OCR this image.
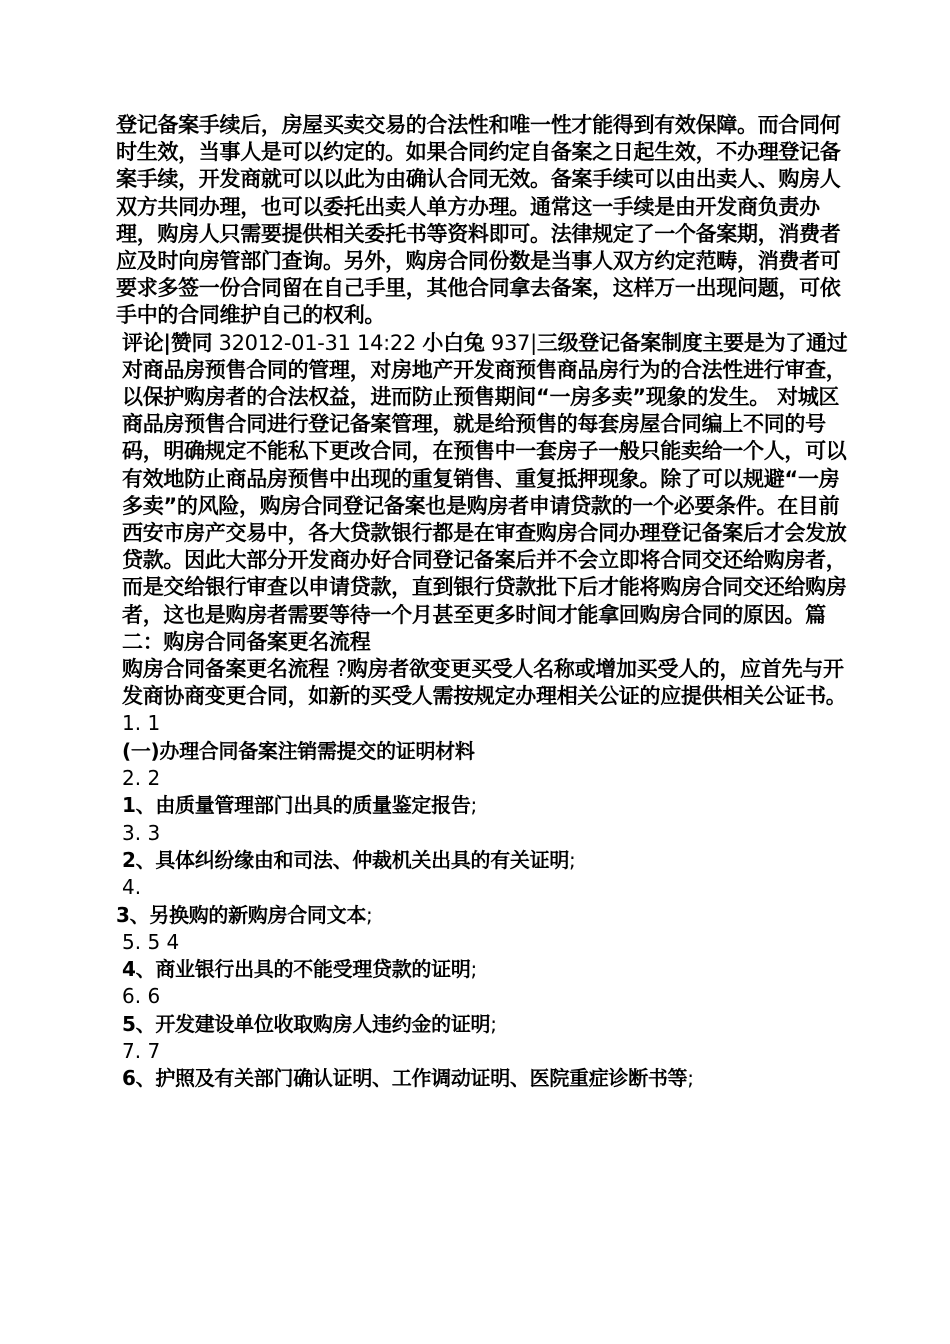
登记备案手续后，房屋买卖交易的合法性和唯一性才能得到有效保障。而合同何时生效，当事人是可以约定的。如果合同约定自备案之日起生效，不办理登记备案手续，开发商就可以以此为由确认合同无效。备案手续可以由出卖人、购房人双方共同办理，也可以委托出卖人单方办理。通常这一手续是由开发商负责办理，购房人只需要提供相关委托书等资料即可。法律规定了一个备案期，消费者应及时向房管部门查询。另外，购房合同份数是当事人双方约定范畴，消费者可要求多签一份合同留在自己手里，其他合同拿去备案，这样万一出现问题，可依手中的合同维护自己的权利。

评论|赞同 32012-01-31 14:22 小白兔 937|三级登记备案制度主要是为了通过对商品房预售合同的管理，对房地产开发商预售商品房行为的合法性进行审查，以保护购房者的合法权益，进而防止预售期间“一房多卖”现象的发生。 对城区商品房预售合同进行登记备案管理，就是给预售的每套房屋合同编上不同的号码，明确规定不能私下更改合同，在预售中一套房子一般只能卖给一个人，可以有效地防止商品房预售中出现的重复销售、重复抵押现象。除了可以规避“一房多卖”的风险，购房合同登记备案也是购房者申请贷款的一个必要条件。在目前西安市房产交易中，各大贷款银行都是在审查购房合同办理登记备案后才会发放贷款。因此大部分开发商办好合同登记备案后并不会立即将合同交还给购房者，而是交给银行审查以申请贷款，直到银行贷款批下后才能将购房合同交还给购房者，这也是购房者需要等待一个月甚至更多时间才能拿回购房合同的原因。篇二：购房合同备案更名流程

购房合同备案更名流程 ?购房者欲变更买受人名称或增加买受人的，应首先与开发商协商变更合同，如新的买受人需按规定办理相关公证的应提供相关公证书。

1. 1

(一)办理合同备案注销需提交的证明材料

2. 2

1、由质量管理部门出具的质量鉴定报告;

3. 3

2、具体纠纷缘由和司法、仲裁机关出具的有关证明;

4.

3、另换购的新购房合同文本;

5. 5 4

4、商业银行出具的不能受理贷款的证明;

6. 6

5、开发建设单位收取购房人违约金的证明;

7. 7

6、护照及有关部门确认证明、工作调动证明、医院重症诊断书等;
